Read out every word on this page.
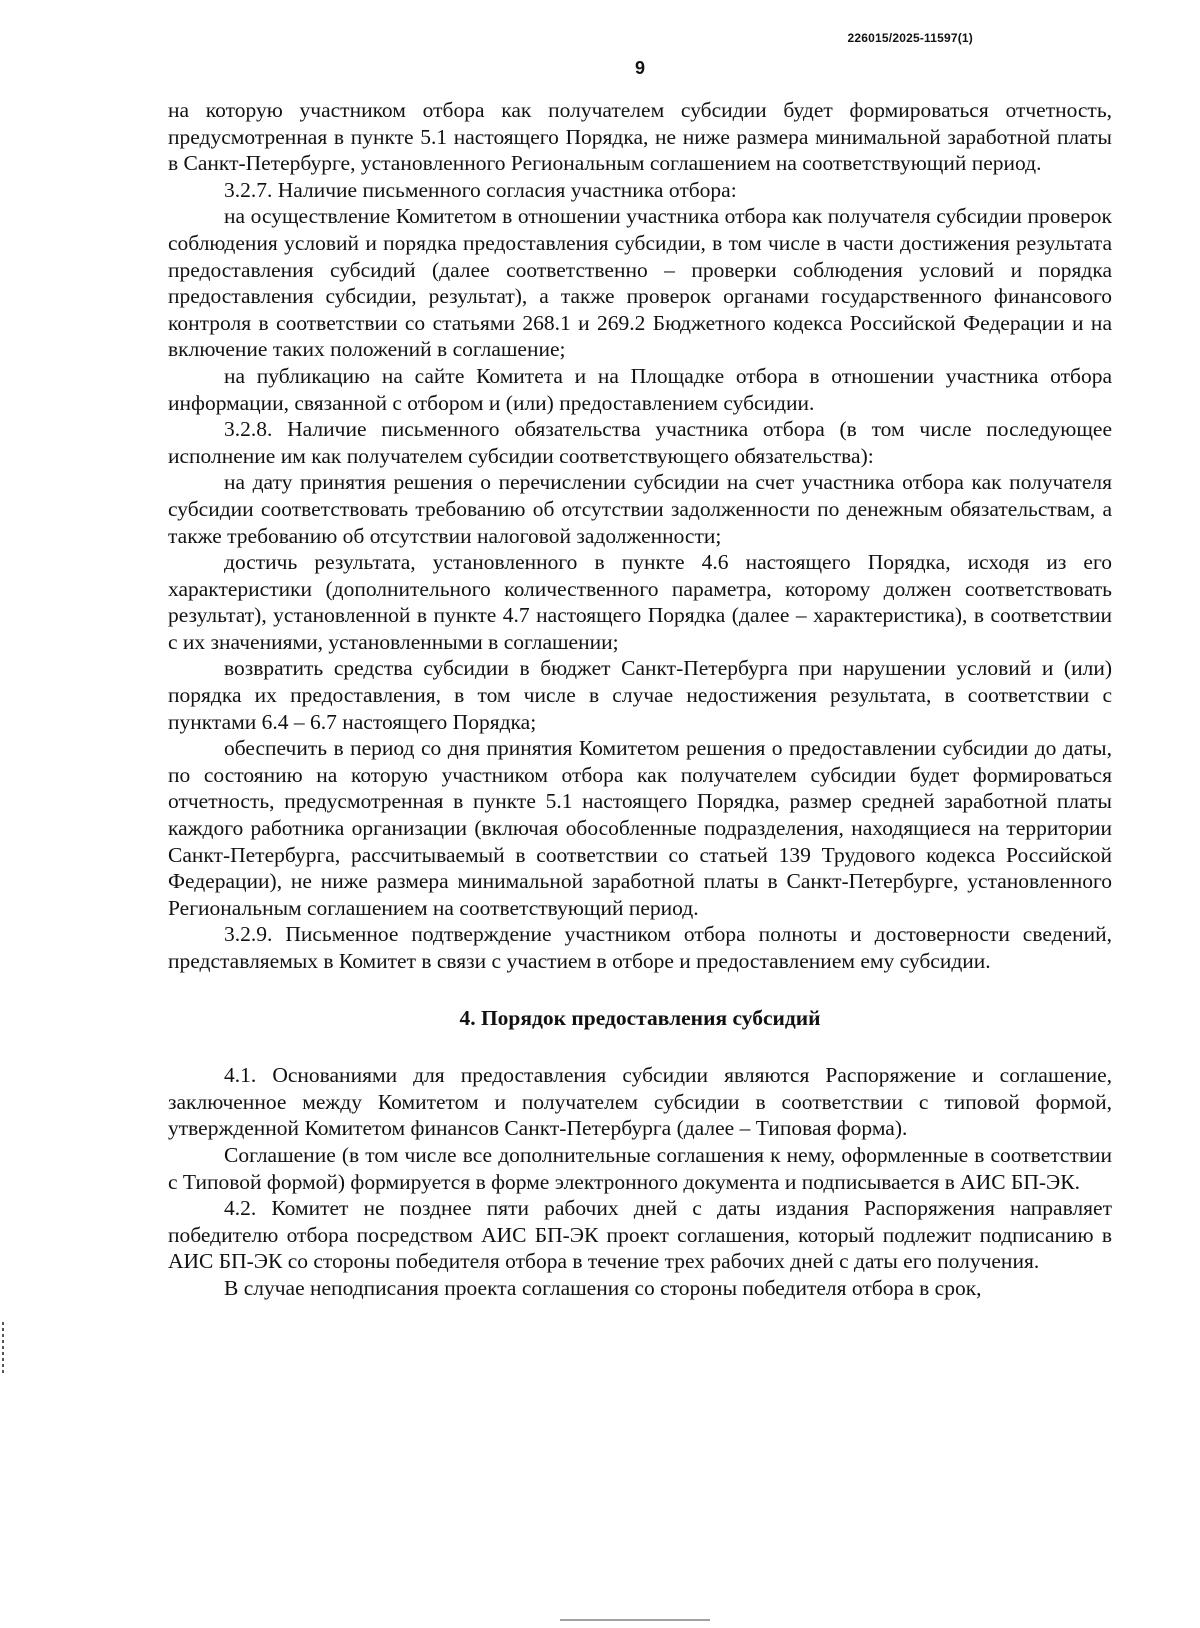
226015/2025-11597(1)
9

на которую участником отбора как получателем субсидии будет формироваться отчетность, предусмотренная в пункте 5.1 настоящего Порядка, не ниже размера минимальной заработной платы в Санкт-Петербурге, установленного Региональным соглашением на соответствующий период.

3.2.7. Наличие письменного согласия участника отбора:

на осуществление Комитетом в отношении участника отбора как получателя субсидии проверок соблюдения условий и порядка предоставления субсидии, в том числе в части достижения результата предоставления субсидий (далее соответственно – проверки соблюдения условий и порядка предоставления субсидии, результат), а также проверок органами государственного финансового контроля в соответствии со статьями 268.1 и 269.2 Бюджетного кодекса Российской Федерации и на включение таких положений в соглашение;

на публикацию на сайте Комитета и на Площадке отбора в отношении участника отбора информации, связанной с отбором и (или) предоставлением субсидии.

3.2.8. Наличие письменного обязательства участника отбора (в том числе последующее исполнение им как получателем субсидии соответствующего обязательства):

на дату принятия решения о перечислении субсидии на счет участника отбора как получателя субсидии соответствовать требованию об отсутствии задолженности по денежным обязательствам, а также требованию об отсутствии налоговой задолженности;

достичь результата, установленного в пункте 4.6 настоящего Порядка, исходя из его характеристики (дополнительного количественного параметра, которому должен соответствовать результат), установленной в пункте 4.7 настоящего Порядка (далее – характеристика), в соответствии с их значениями, установленными в соглашении;

возвратить средства субсидии в бюджет Санкт-Петербурга при нарушении условий и (или) порядка их предоставления, в том числе в случае недостижения результата, в соответствии с пунктами 6.4 – 6.7 настоящего Порядка;

обеспечить в период со дня принятия Комитетом решения о предоставлении субсидии до даты, по состоянию на которую участником отбора как получателем субсидии будет формироваться отчетность, предусмотренная в пункте 5.1 настоящего Порядка, размер средней заработной платы каждого работника организации (включая обособленные подразделения, находящиеся на территории Санкт-Петербурга, рассчитываемый в соответствии со статьей 139 Трудового кодекса Российской Федерации), не ниже размера минимальной заработной платы в Санкт-Петербурге, установленного Региональным соглашением на соответствующий период.

3.2.9. Письменное подтверждение участником отбора полноты и достоверности сведений, представляемых в Комитет в связи с участием в отборе и предоставлением ему субсидии.

4. Порядок предоставления субсидий

4.1. Основаниями для предоставления субсидии являются Распоряжение и соглашение, заключенное между Комитетом и получателем субсидии в соответствии с типовой формой, утвержденной Комитетом финансов Санкт-Петербурга (далее – Типовая форма).

Соглашение (в том числе все дополнительные соглашения к нему, оформленные в соответствии с Типовой формой) формируется в форме электронного документа и подписывается в АИС БП-ЭК.

4.2. Комитет не позднее пяти рабочих дней с даты издания Распоряжения направляет победителю отбора посредством АИС БП-ЭК проект соглашения, который подлежит подписанию в АИС БП-ЭК со стороны победителя отбора в течение трех рабочих дней с даты его получения.

В случае неподписания проекта соглашения со стороны победителя отбора в срок,
